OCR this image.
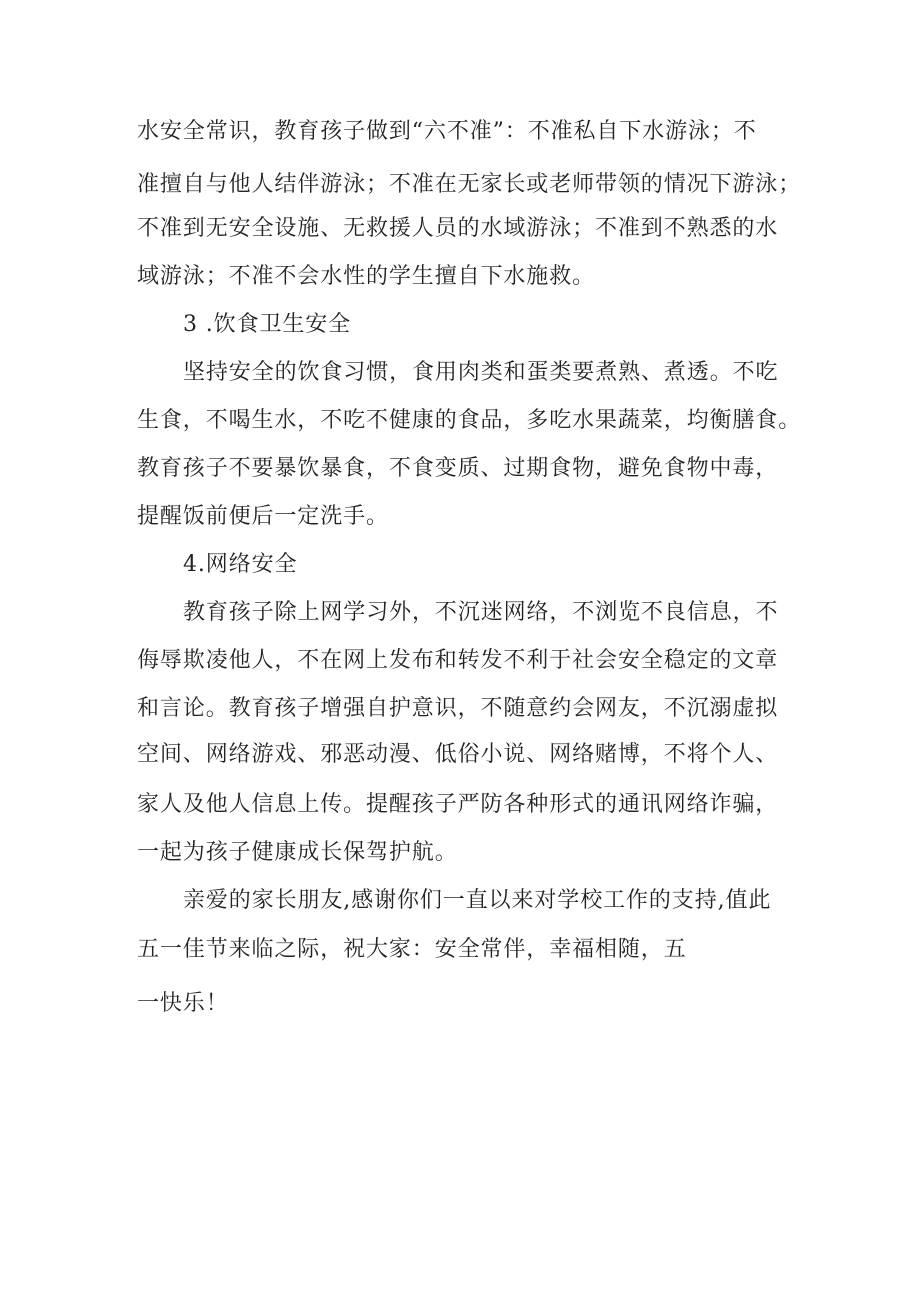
水安全常识，教育孩子做到“六不准”：不准私自下水游泳；不
准擅自与他人结伴游泳；不准在无家长或老师带领的情况下游泳；
不准到无安全设施、无救援人员的水域游泳；不准到不熟悉的水
域游泳；不准不会水性的学生擅自下水施救。
3 .饮食卫生安全
坚持安全的饮食习惯，食用肉类和蛋类要煮熟、煮透。不吃
生食，不喝生水，不吃不健康的食品，多吃水果蔬菜，均衡膳食。
教育孩子不要暴饮暴食，不食变质、过期食物，避免食物中毒，
提醒饭前便后一定洗手。
4.网络安全
教育孩子除上网学习外，不沉迷网络，不浏览不良信息，不
侮辱欺凌他人，不在网上发布和转发不利于社会安全稳定的文章
和言论。教育孩子增强自护意识，不随意约会网友，不沉溺虚拟
空间、网络游戏、邪恶动漫、低俗小说、网络赌博，不将个人、
家人及他人信息上传。提醒孩子严防各种形式的通讯网络诈骗，
一起为孩子健康成长保驾护航。
亲爱的家长朋友,感谢你们一直以来对学校工作的支持,值此
五一佳节来临之际，祝大家：安全常伴，幸福相随，五
一快乐！
